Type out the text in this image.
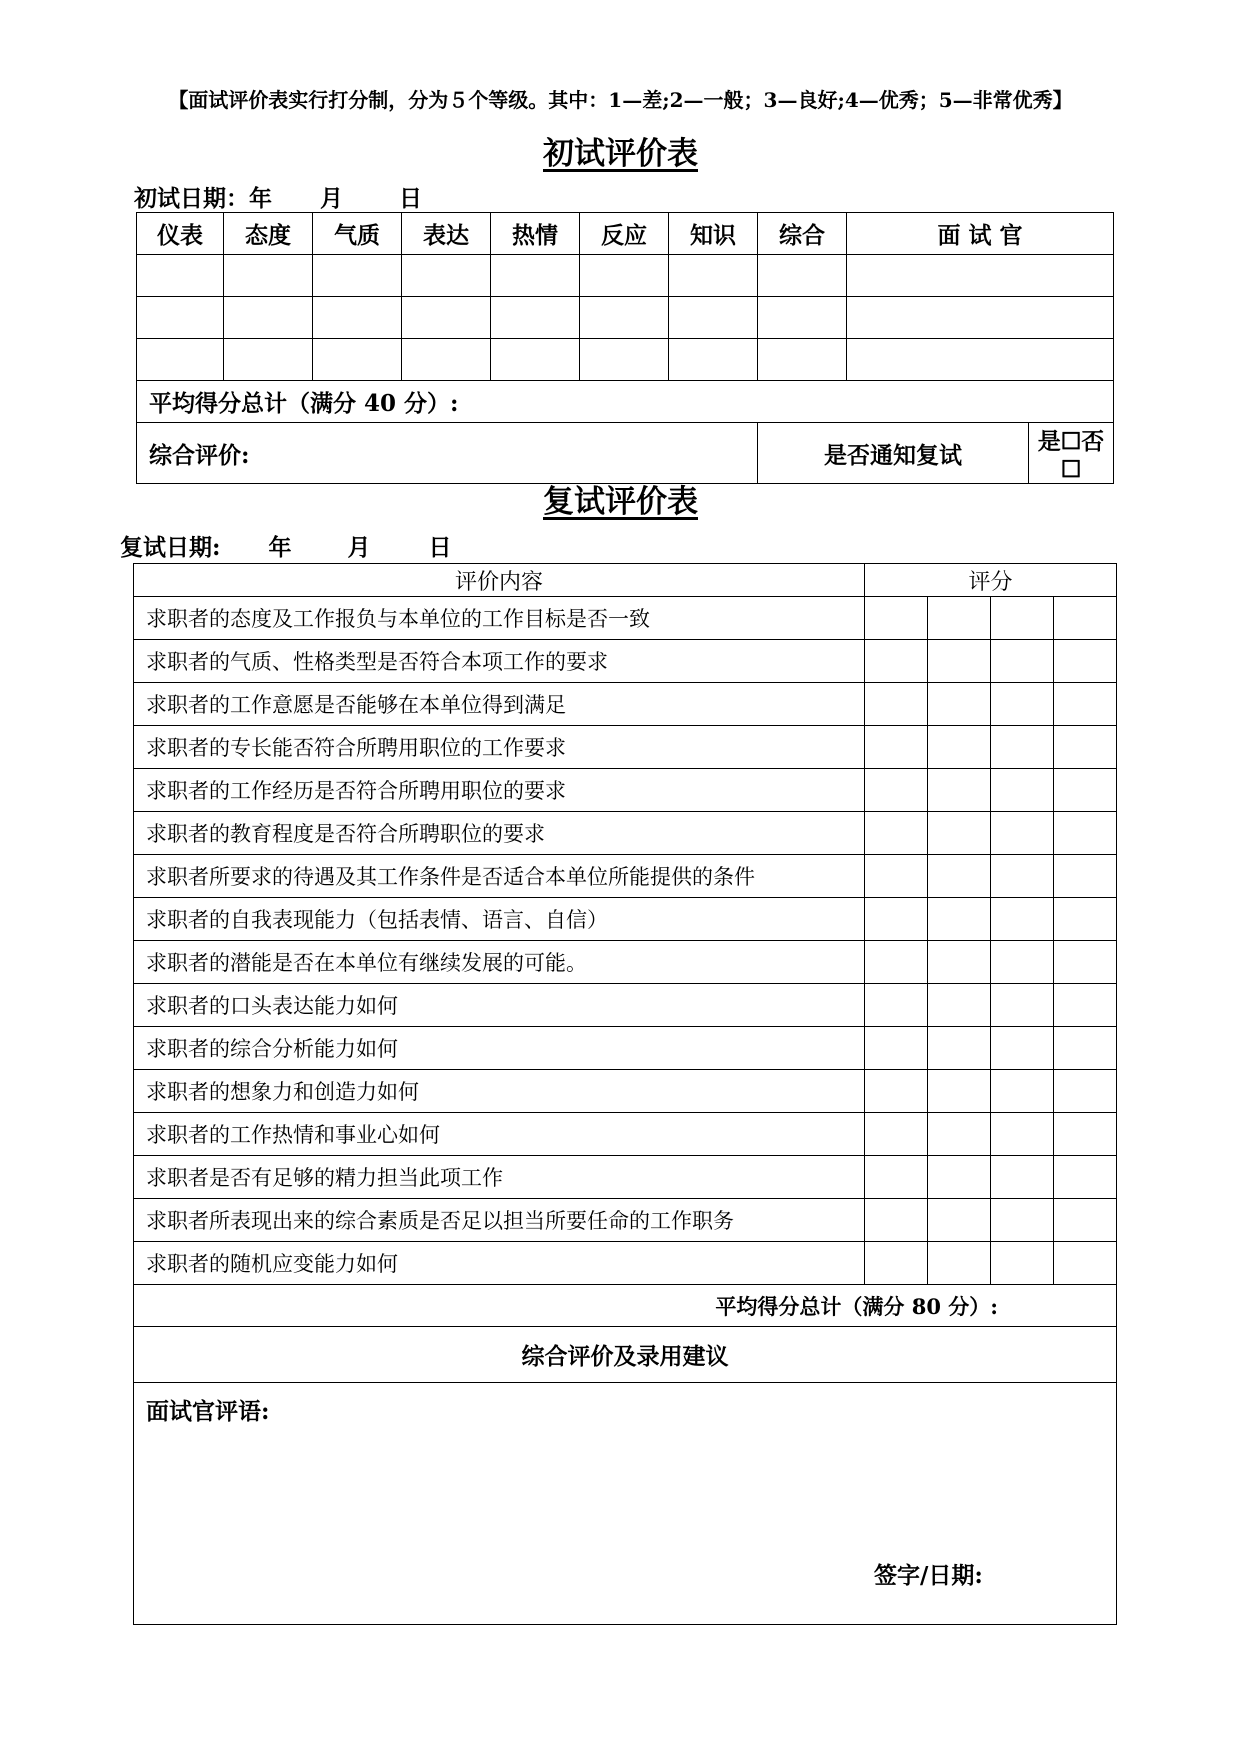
【面试评价表实行打分制，分为５个等级。其中：1—差;2—一般；3—良好;4—优秀；5—非常优秀】
初试评价表
初试日期：年 月 日
仪表	态度	气质	表达	热情	反应	知识	综合	面 试 官	

平均得分总计（满分 40 分）:									
综合评价:							是否通知复试		是☐否☐
复试评价表
复试日期: 年 月	日
评价内容	评分
求职者的态度及工作报负与本单位的工作目标是否一致	

求职者的气质、性格类型是否符合本项工作的要求	

求职者的工作意愿是否能够在本单位得到满足	

求职者的专长能否符合所聘用职位的工作要求	

求职者的工作经历是否符合所聘用职位的要求	

求职者的教育程度是否符合所聘职位的要求	

求职者所要求的待遇及其工作条件是否适合本单位所能提供的条件	

求职者的自我表现能力（包括表情、语言、自信）	

求职者的潜能是否在本单位有继续发展的可能。	

求职者的口头表达能力如何	

求职者的综合分析能力如何	

求职者的想象力和创造力如何	

求职者的工作热情和事业心如何	

求职者是否有足够的精力担当此项工作	

求职者所表现出来的综合素质是否足以担当所要任命的工作职务	

求职者的随机应变能力如何	

平均得分总计（满分 80 分）:	
综合评价及录用建议	

面试官评语:
签字/日期:	
